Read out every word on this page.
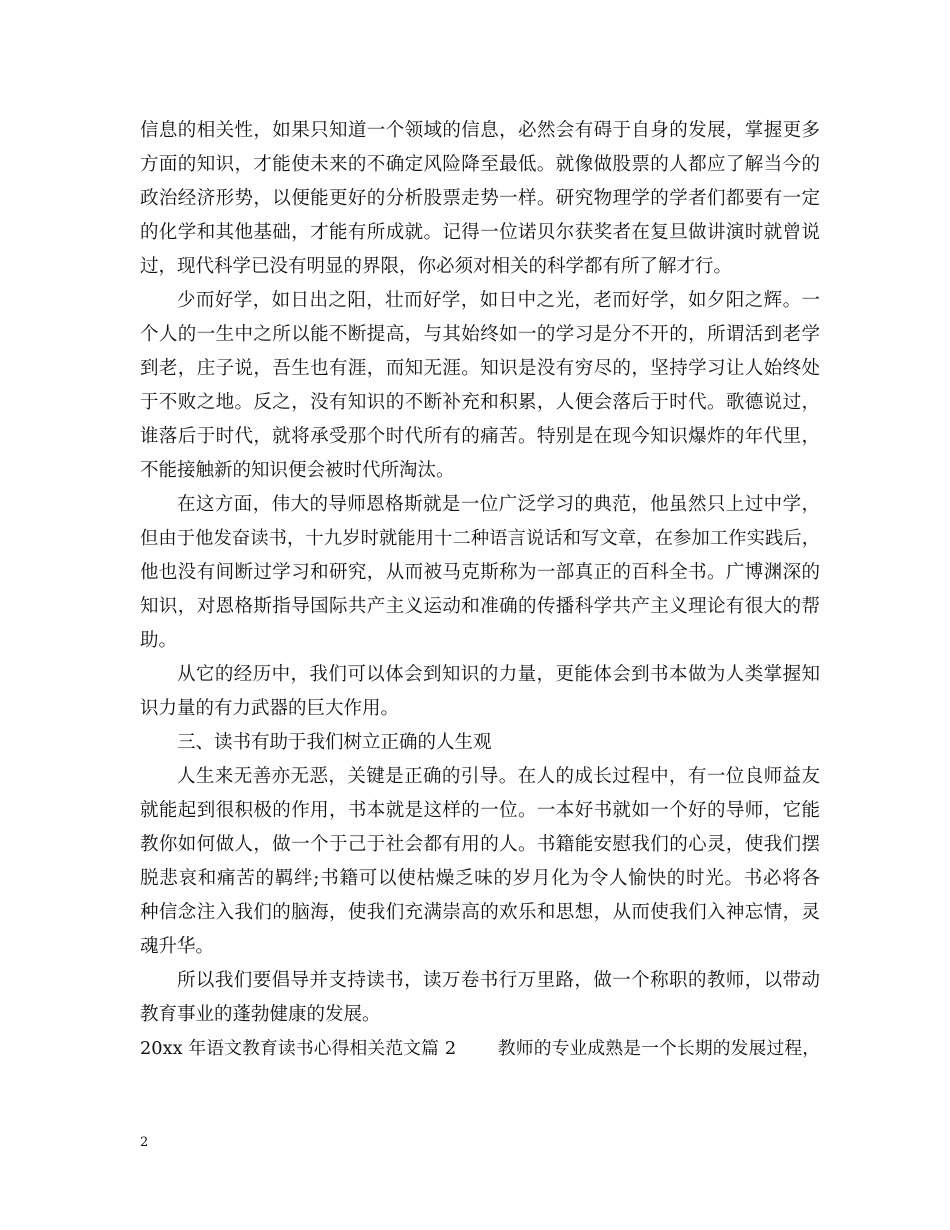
信息的相关性，如果只知道一个领域的信息，必然会有碍于自身的发展，掌握更多
方面的知识，才能使未来的不确定风险降至最低。就像做股票的人都应了解当今的
政治经济形势，以便能更好的分析股票走势一样。研究物理学的学者们都要有一定
的化学和其他基础，才能有所成就。记得一位诺贝尔获奖者在复旦做讲演时就曾说
过，现代科学已没有明显的界限，你必须对相关的科学都有所了解才行。
少而好学，如日出之阳，壮而好学，如日中之光，老而好学，如夕阳之辉。一
个人的一生中之所以能不断提高，与其始终如一的学习是分不开的，所谓活到老学
到老，庄子说，吾生也有涯，而知无涯。知识是没有穷尽的，坚持学习让人始终处
于不败之地。反之，没有知识的不断补充和积累，人便会落后于时代。歌德说过，
谁落后于时代，就将承受那个时代所有的痛苦。特别是在现今知识爆炸的年代里，
不能接触新的知识便会被时代所淘汰。
在这方面，伟大的导师恩格斯就是一位广泛学习的典范，他虽然只上过中学，
但由于他发奋读书，十九岁时就能用十二种语言说话和写文章，在参加工作实践后，
他也没有间断过学习和研究，从而被马克斯称为一部真正的百科全书。广博渊深的
知识，对恩格斯指导国际共产主义运动和准确的传播科学共产主义理论有很大的帮
助。
从它的经历中，我们可以体会到知识的力量，更能体会到书本做为人类掌握知
识力量的有力武器的巨大作用。
三、读书有助于我们树立正确的人生观
人生来无善亦无恶，关键是正确的引导。在人的成长过程中，有一位良师益友
就能起到很积极的作用，书本就是这样的一位。一本好书就如一个好的导师，它能
教你如何做人，做一个于己于社会都有用的人。书籍能安慰我们的心灵，使我们摆
脱悲哀和痛苦的羁绊;书籍可以使枯燥乏味的岁月化为令人愉快的时光。书必将各
种信念注入我们的脑海，使我们充满崇高的欢乐和思想，从而使我们入神忘情，灵
魂升华。
所以我们要倡导并支持读书，读万卷书行万里路，做一个称职的教师，以带动
教育事业的蓬勃健康的发展。
20xx 年语文教育读书心得相关范文篇 2　　 教师的专业成熟是一个长期的发展过程，
2
